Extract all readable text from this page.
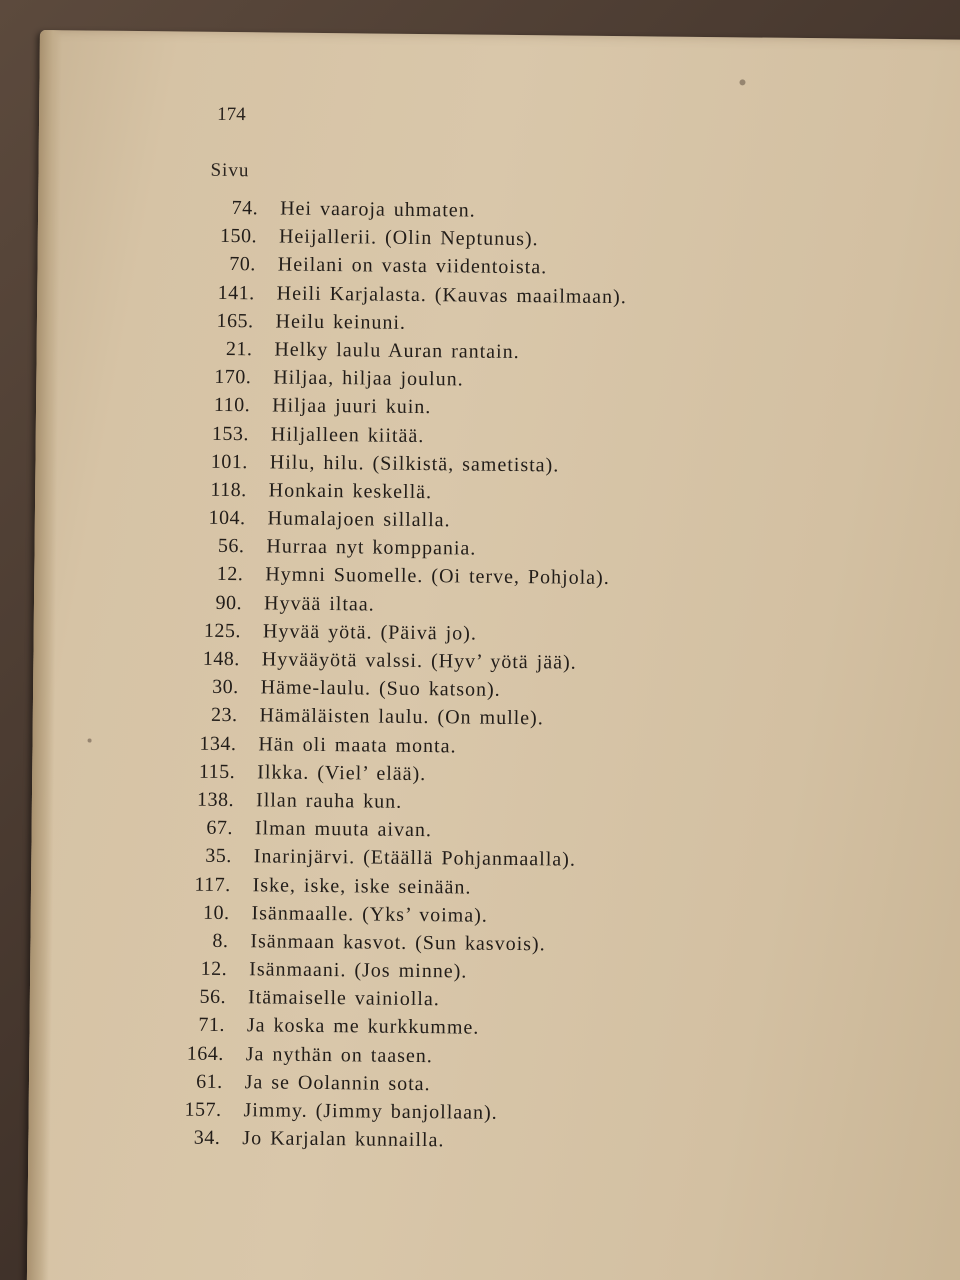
174
Sivu
74. Hei vaaroja uhmaten.
150. Heijallerii. (Olin Neptunus).
70. Heilani on vasta viidentoista.
141. Heili Karjalasta. (Kauvas maailmaan).
165. Heilu keinuni.
21. Helky laulu Auran rantain.
170. Hiljaa, hiljaa joulun.
110. Hiljaa juuri kuin.
153. Hiljalleen kiitää.
101. Hilu, hilu. (Silkistä, sametista).
118. Honkain keskellä.
104. Humalajoen sillalla.
56. Hurraa nyt komppania.
12. Hymni Suomelle. (Oi terve, Pohjola).
90. Hyvää iltaa.
125. Hyvää yötä. (Päivä jo).
148. Hyvääyötä valssi. (Hyv’ yötä jää).
30. Häme-laulu. (Suo katson).
23. Hämäläisten laulu. (On mulle).
134. Hän oli maata monta.
115. Ilkka. (Viel’ elää).
138. Illan rauha kun.
67. Ilman muuta aivan.
35. Inarinjärvi. (Etäällä Pohjanmaalla).
117. Iske, iske, iske seinään.
10. Isänmaalle. (Yks’ voima).
8. Isänmaan kasvot. (Sun kasvois).
12. Isänmaani. (Jos minne).
56. Itämaiselle vainiolla.
71. Ja koska me kurkkumme.
164. Ja nythän on taasen.
61. Ja se Oolannin sota.
157. Jimmy. (Jimmy banjollaan).
34. Jo Karjalan kunnailla.
